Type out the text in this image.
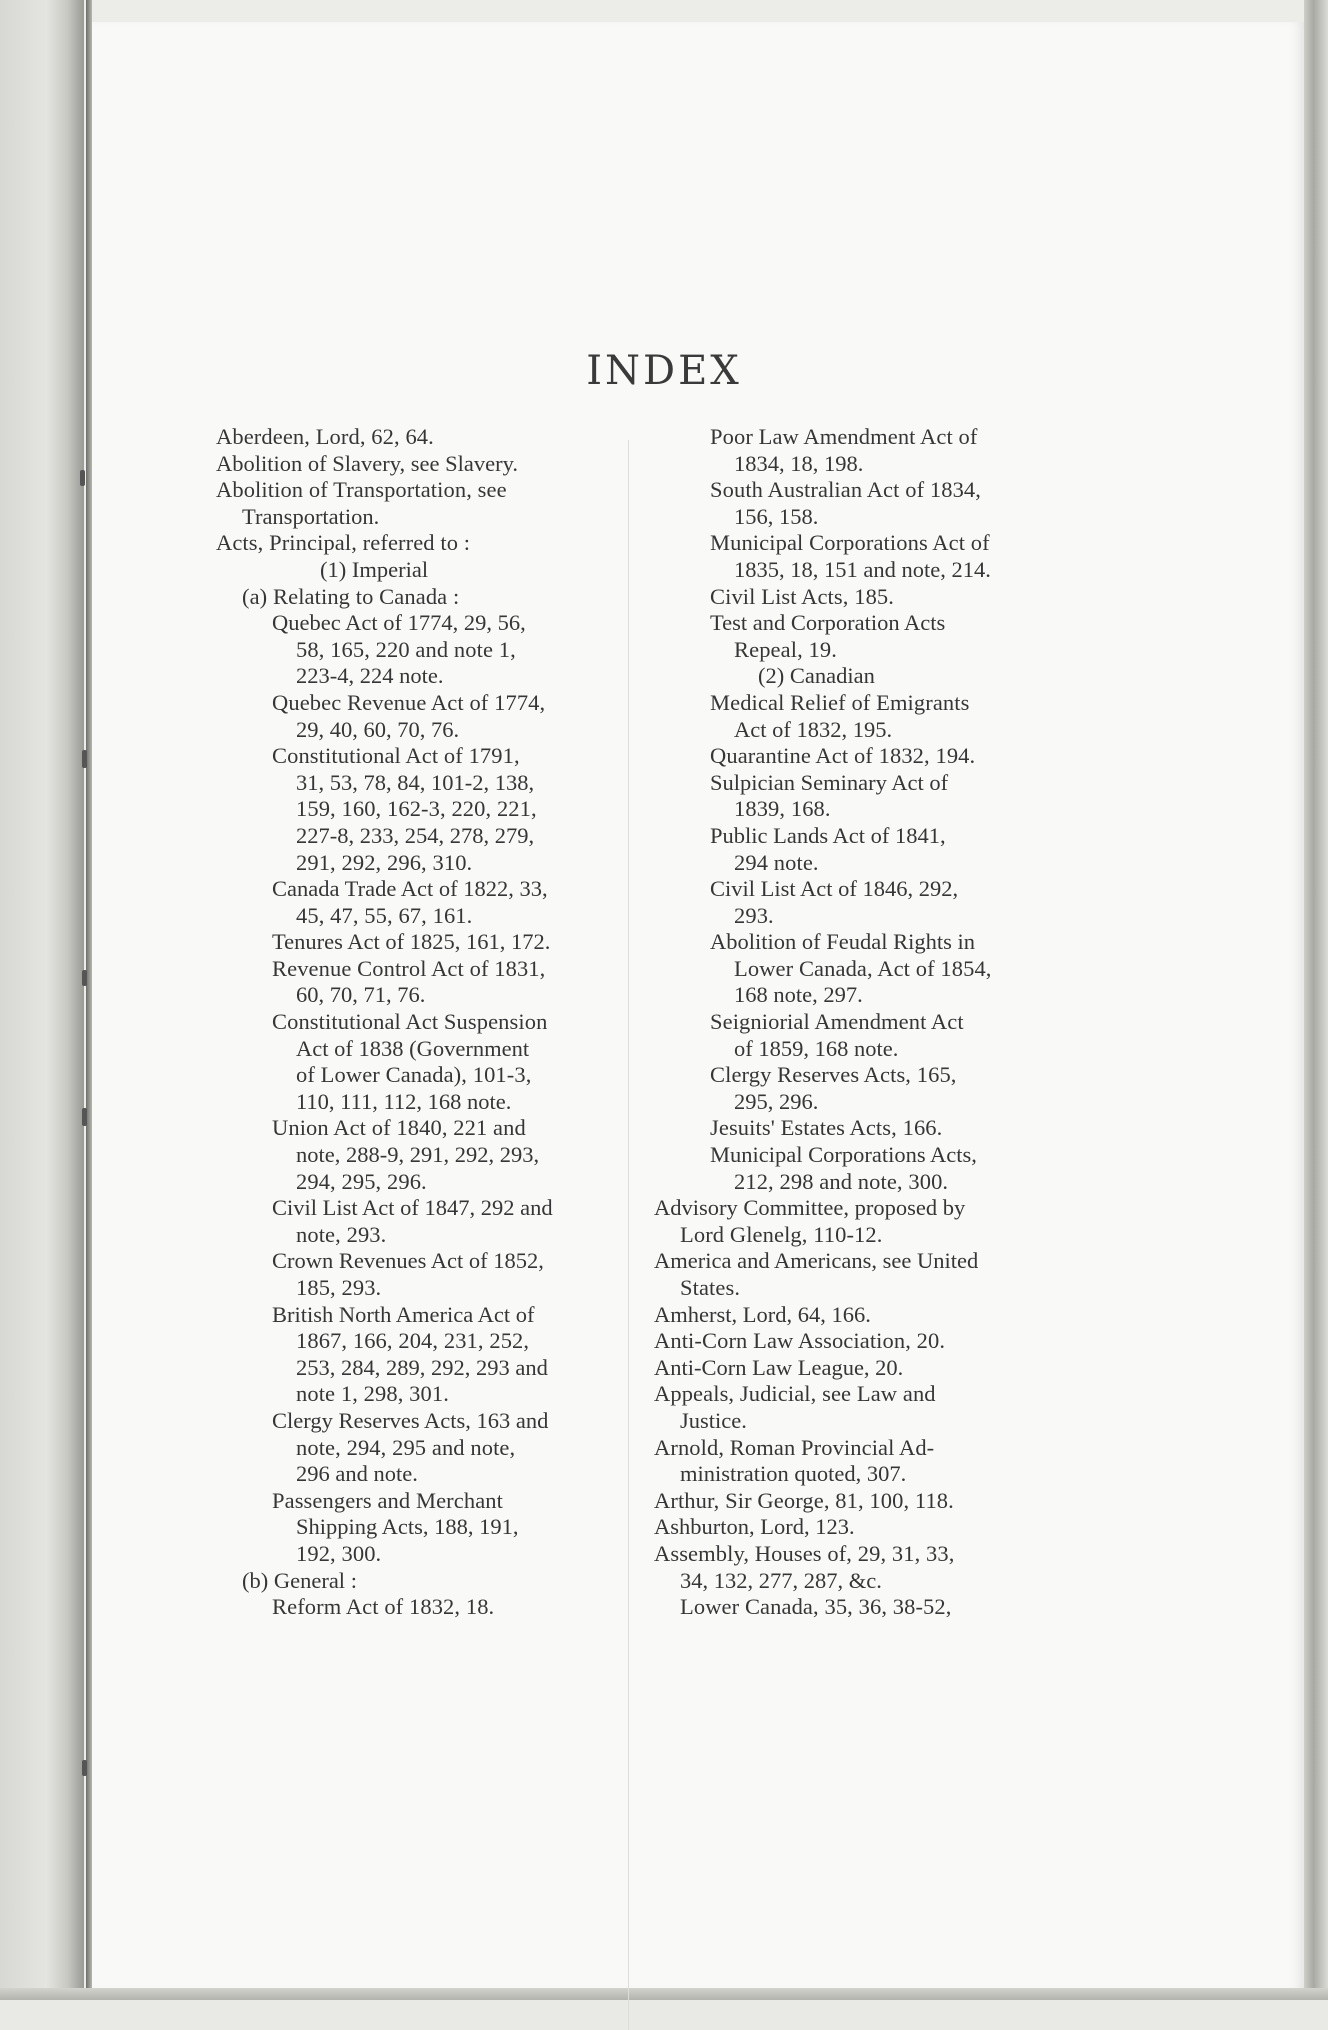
INDEX
Aberdeen, Lord, 62, 64.
Abolition of Slavery, see Slavery.
Abolition of Transportation, see
Transportation.
Acts, Principal, referred to :
(1) Imperial
(a) Relating to Canada :
Quebec Act of 1774, 29, 56,
58, 165, 220 and note 1,
223-4, 224 note.
Quebec Revenue Act of 1774,
29, 40, 60, 70, 76.
Constitutional Act of 1791,
31, 53, 78, 84, 101-2, 138,
159, 160, 162-3, 220, 221,
227-8, 233, 254, 278, 279,
291, 292, 296, 310.
Canada Trade Act of 1822, 33,
45, 47, 55, 67, 161.
Tenures Act of 1825, 161, 172.
Revenue Control Act of 1831,
60, 70, 71, 76.
Constitutional Act Suspension
Act of 1838 (Government
of Lower Canada), 101-3,
110, 111, 112, 168 note.
Union Act of 1840, 221 and
note, 288-9, 291, 292, 293,
294, 295, 296.
Civil List Act of 1847, 292 and
note, 293.
Crown Revenues Act of 1852,
185, 293.
British North America Act of
1867, 166, 204, 231, 252,
253, 284, 289, 292, 293 and
note 1, 298, 301.
Clergy Reserves Acts, 163 and
note, 294, 295 and note,
296 and note.
Passengers and Merchant
Shipping Acts, 188, 191,
192, 300.
(b) General :
Reform Act of 1832, 18.
Poor Law Amendment Act of
1834, 18, 198.
South Australian Act of 1834,
156, 158.
Municipal Corporations Act of
1835, 18, 151 and note, 214.
Civil List Acts, 185.
Test and Corporation Acts
Repeal, 19.
(2) Canadian
Medical Relief of Emigrants
Act of 1832, 195.
Quarantine Act of 1832, 194.
Sulpician Seminary Act of
1839, 168.
Public Lands Act of 1841,
294 note.
Civil List Act of 1846, 292,
293.
Abolition of Feudal Rights in
Lower Canada, Act of 1854,
168 note, 297.
Seigniorial Amendment Act
of 1859, 168 note.
Clergy Reserves Acts, 165,
295, 296.
Jesuits' Estates Acts, 166.
Municipal Corporations Acts,
212, 298 and note, 300.
Advisory Committee, proposed by
Lord Glenelg, 110-12.
America and Americans, see United
States.
Amherst, Lord, 64, 166.
Anti-Corn Law Association, 20.
Anti-Corn Law League, 20.
Appeals, Judicial, see Law and
Justice.
Arnold, Roman Provincial Ad-
ministration quoted, 307.
Arthur, Sir George, 81, 100, 118.
Ashburton, Lord, 123.
Assembly, Houses of, 29, 31, 33,
34, 132, 277, 287, &c.
Lower Canada, 35, 36, 38-52,
